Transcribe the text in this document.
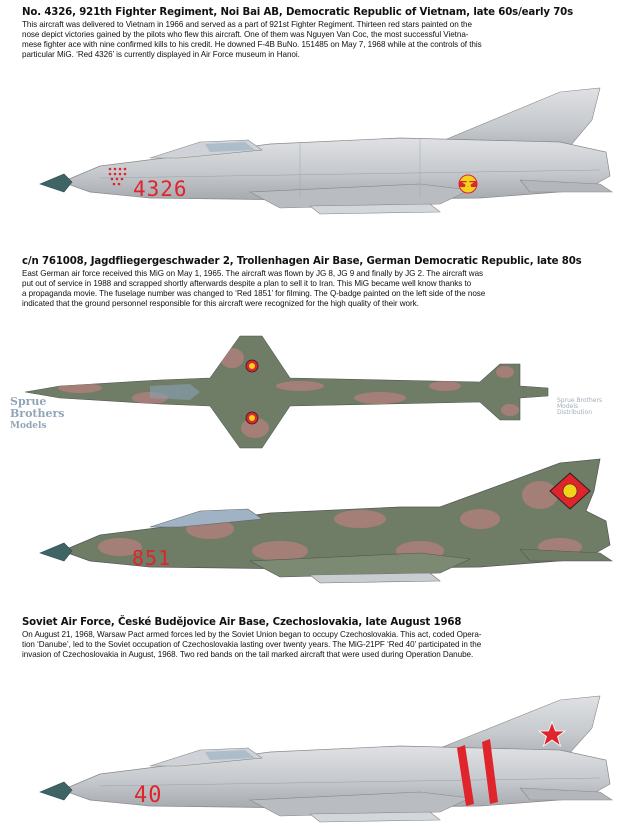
No. 4326, 921th Fighter Regiment, Noi Bai AB, Democratic Republic of Vietnam, late 60s/early 70s
This aircraft was delivered to Vietnam in 1966 and served as a part of 921st Fighter Regiment. Thirteen red stars painted on the
nose depict victories gained by the pilots who flew this aircraft. One of them was Nguyen Van Coc, the most successful Vietna-
mese fighter ace with nine confirmed kills to his credit. He downed F-4B BuNo. 151485 on May 7, 1968 while at the controls of this
particular MiG. ‘Red 4326’ is currently displayed in Air Force museum in Hanoi.
4326
c/n 761008, Jagdfliegergeschwader 2, Trollenhagen Air Base, German Democratic Republic, late 80s
East German air force received this MiG on May 1, 1965. The aircraft was flown by JG 8, JG 9 and finally by JG 2. The aircraft was
put out of service in 1988 and scrapped shortly afterwards despite a plan to sell it to Iran. This MiG became well know thanks to
a propaganda movie. The fuselage number was changed to ‘Red 1851’ for filming. The Q-badge painted on the left side of the nose
indicated that the ground personnel responsible for this aircraft were recognized for the high quality of their work.
Sprue
Brothers
Models
Sprue Brothers
Models
Distribution
851
Soviet Air Force, České Budějovice Air Base, Czechoslovakia, late August 1968
On August 21, 1968, Warsaw Pact armed forces led by the Soviet Union began to occupy Czechoslovakia. This act, coded Opera-
tion ‘Danube’, led to the Soviet occupation of Czechoslovakia lasting over twenty years. The MiG-21PF ‘Red 40’ participated in the
invasion of Czechoslovakia in August, 1968. Two red bands on the tail marked aircraft that were used during Operation Danube.
40
